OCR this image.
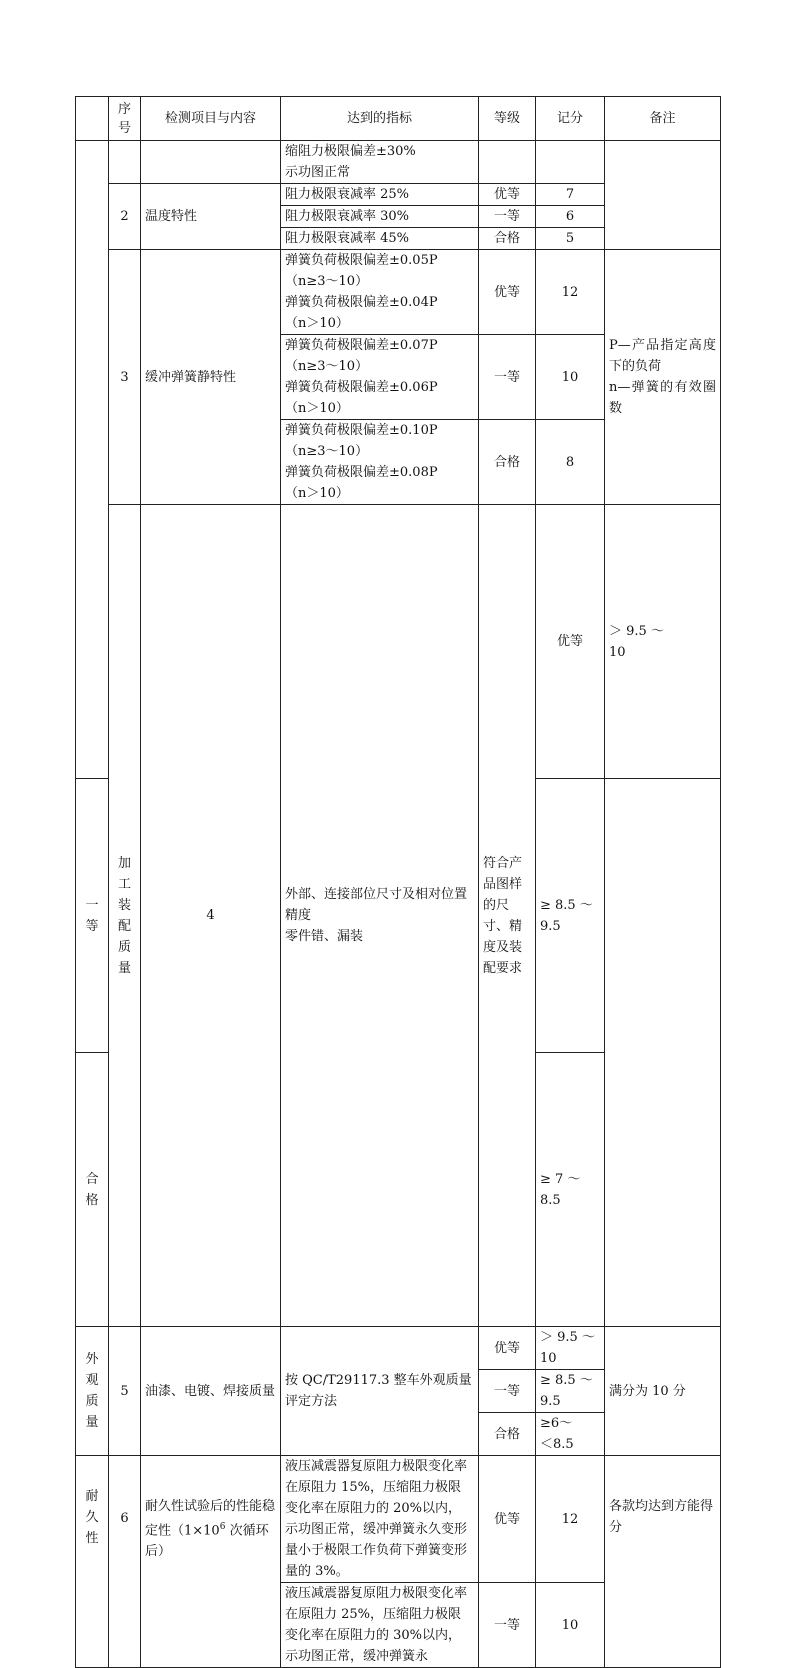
	序号	检测项目与内容	达到的指标	等级	记分	备注	
			缩阻力极限偏差±30%
示功图正常				
	2	温度特性	阻力极限衰减率 25%	优等	7		
			阻力极限衰减率 30%	一等	6		
			阻力极限衰减率 45%	合格	5		
	3	缓冲弹簧静特性	弹簧负荷极限偏差±0.05P
（n≥3～10）
弹簧负荷极限偏差±0.04P
（n＞10）	优等	12	P—产品指定高度下的负荷
n—弹簧的有效圈数	
			弹簧负荷极限偏差±0.07P
（n≥3～10）
弹簧负荷极限偏差±0.06P
（n＞10）	一等	10		
			弹簧负荷极限偏差±0.10P
（n≥3～10）
弹簧负荷极限偏差±0.08P
（n＞10）	合格	8		
	加工装配质量	4	外部、连接部位尺寸及相对位置精度
零件错、漏装	符合产品图样的尺寸、精度及装配要求	优等	＞ 9.5 ～
10	
一等					≥ 8.5 ～
9.5		
合格					≥ 7 ～
8.5		
外观质量	5	油漆、电镀、焊接质量	按 QC/T29117.3 整车外观质量评定方法	优等	＞ 9.5 ～
10	满分为 10 分	
				一等	≥ 8.5 ～
9.5		
				合格	≥6～
＜8.5		
耐久性	6	耐久性试验后的性能稳定性（$1\times 10^6$ 次循环后）	液压减震器复原阻力极限变化率在原阻力 15%，压缩阻力极限变化率在原阻力的 20%以内，示功图正常，缓冲弹簧永久变形量小于极限工作负荷下弹簧变形量的 3%。	优等	12	各款均达到方能得分	
			液压减震器复原阻力极限变化率在原阻力 25%，压缩阻力极限变化率在原阻力的 30%以内，示功图正常，缓冲弹簧永	一等	10		
